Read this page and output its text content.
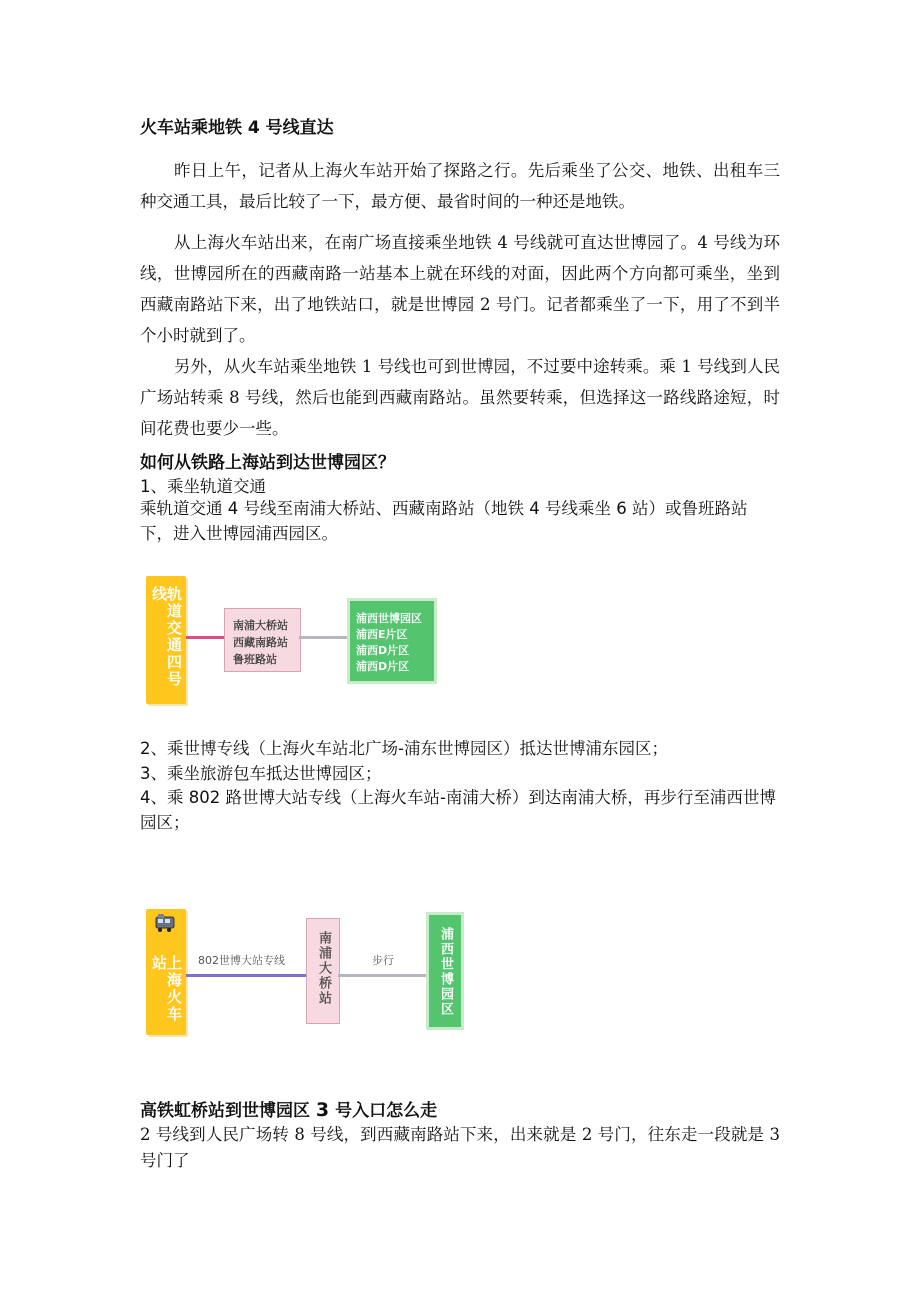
火车站乘地铁 4 号线直达

昨日上午，记者从上海火车站开始了探路之行。先后乘坐了公交、地铁、出租车三种交通工具，最后比较了一下，最方便、最省时间的一种还是地铁。

从上海火车站出来，在南广场直接乘坐地铁 4 号线就可直达世博园了。4 号线为环线，世博园所在的西藏南路一站基本上就在环线的对面，因此两个方向都可乘坐，坐到西藏南路站下来，出了地铁站口，就是世博园 2 号门。记者都乘坐了一下，用了不到半个小时就到了。

另外，从火车站乘坐地铁 1 号线也可到世博园，不过要中途转乘。乘 1 号线到人民广场站转乘 8 号线，然后也能到西藏南路站。虽然要转乘，但选择这一路线路途短，时间花费也要少一些。

如何从铁路上海站到达世博园区？

1、乘坐轨道交通

乘轨道交通 4 号线至南浦大桥站、西藏南路站（地铁 4 号线乘坐 6 站）或鲁班路站下，进入世博园浦西园区。

轨道交通四号线
南浦大桥站
西藏南路站
鲁班路站
浦西世博园区
浦西E片区
浦西D片区
浦西D片区

2、乘世博专线（上海火车站北广场-浦东世博园区）抵达世博浦东园区；

3、乘坐旅游包车抵达世博园区；

4、乘 802 路世博大站专线（上海火车站-南浦大桥）到达南浦大桥，再步行至浦西世博园区；

上海火车站	802世博大站专线 南浦大桥站	步行	浦西世博园区
高铁虹桥站到世博园区 3 号入口怎么走

2 号线到人民广场转 8 号线，到西藏南路站下来，出来就是 2 号门，往东走一段就是 3 号门了
